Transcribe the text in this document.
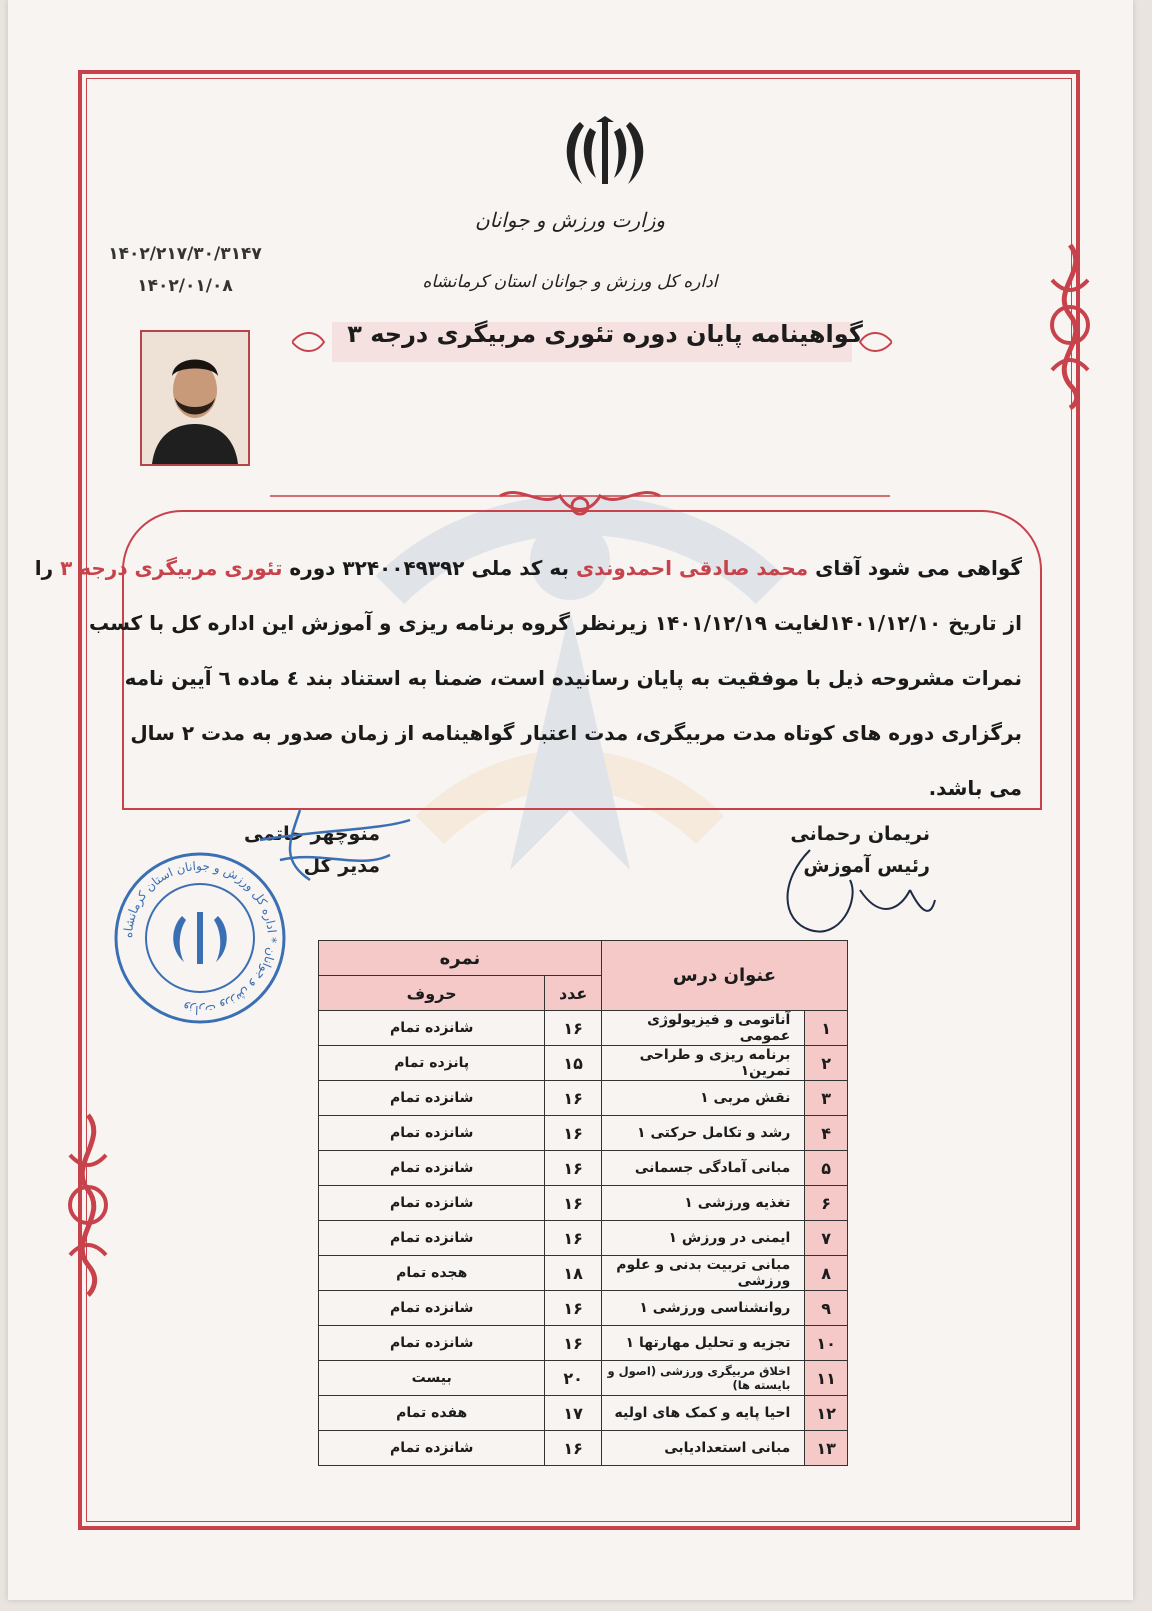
وزارت ورزش و جوانان
اداره کل ورزش و جوانان استان کرمانشاه
۱۴۰۲/۲۱۷/۳۰/۳۱۴۷
۱۴۰۲/۰۱/۰۸
گواهینامه پایان دوره تئوری مربیگری درجه ۳
گواهی می شود آقای محمد صادقی احمدوندی به کد ملی ۳۲۴۰۰۴۹۳۹۲ دوره تئوری مربیگری درجه ۳ را
از تاریخ ۱۴۰۱/۱۲/۱۰لغایت ۱۴۰۱/۱۲/۱۹ زیرنظر گروه برنامه ریزی و آموزش این اداره کل با کسب
نمرات مشروحه ذیل با موفقیت به پایان رسانیده است، ضمنا به استناد بند ٤ ماده ٦ آیین نامه
برگزاری دوره های کوتاه مدت مربیگری، مدت اعتبار گواهینامه از زمان صدور به مدت ۲ سال
می باشد.
منوچهر حاتمی
مدیر کل
نریمان رحمانی
رئیس آموزش
وزارت ورزش و جوانان * اداره کل ورزش و جوانان استان کرمانشاه
عنوان درس		نمره	
		عدد	حروف
۱	آناتومی و فیزیولوژی عمومی	۱۶	شانزده تمام
۲	برنامه ریزی و طراحی تمرین۱	۱۵	پانزده تمام
۳	نقش مربی ۱	۱۶	شانزده تمام
۴	رشد و تکامل حرکتی ۱	۱۶	شانزده تمام
۵	مبانی آمادگی جسمانی	۱۶	شانزده تمام
۶	تغذیه ورزشی ۱	۱۶	شانزده تمام
۷	ایمنی در ورزش ۱	۱۶	شانزده تمام
۸	مبانی تربیت بدنی و علوم ورزشی	۱۸	هجده تمام
۹	روانشناسی ورزشی ۱	۱۶	شانزده تمام
۱۰	تجزیه و تحلیل مهارتها ۱	۱۶	شانزده تمام
۱۱	اخلاق مربیگری ورزشی (اصول و بایسته ها)	۲۰	بیست
۱۲	احیا پایه و کمک های اولیه	۱۷	هفده تمام
۱۳	مبانی استعدادیابی	۱۶	شانزده تمام
